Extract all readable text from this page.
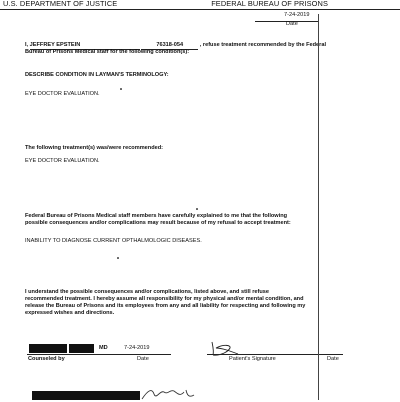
U.S. DEPARTMENT OF JUSTICE	FEDERAL BUREAU OF PRISONS
7-24-2019
Date
I, JEFFREY EPSTEIN	76318-054	, refuse treatment recommended by the Federal
Bureau of Prisons Medical staff for the following condition(s):
DESCRIBE CONDITION IN LAYMAN'S TERMINOLOGY:
EYE DOCTOR EVALUATION.
The following treatment(s) was/were recommended:
EYE DOCTOR EVALUATION.
Federal Bureau of Prisons Medical staff members have carefully explained to me that the following
possible consequences and/or complications may result because of my refusal to accept treatment:
INABILITY TO DIAGNOSE CURRENT OPTHALMOLOGIC DISEASES.
I understand the possible consequences and/or complications, listed above, and still refuse
recommended treatment. I hereby assume all responsibility for my physical and/or mental condition, and
release the Bureau of Prisons and its employees from any and all liability for respecting and following my
expressed wishes and directions.
MD	7-24-2019
Counseled by	Date	Patient's Signature	Date
